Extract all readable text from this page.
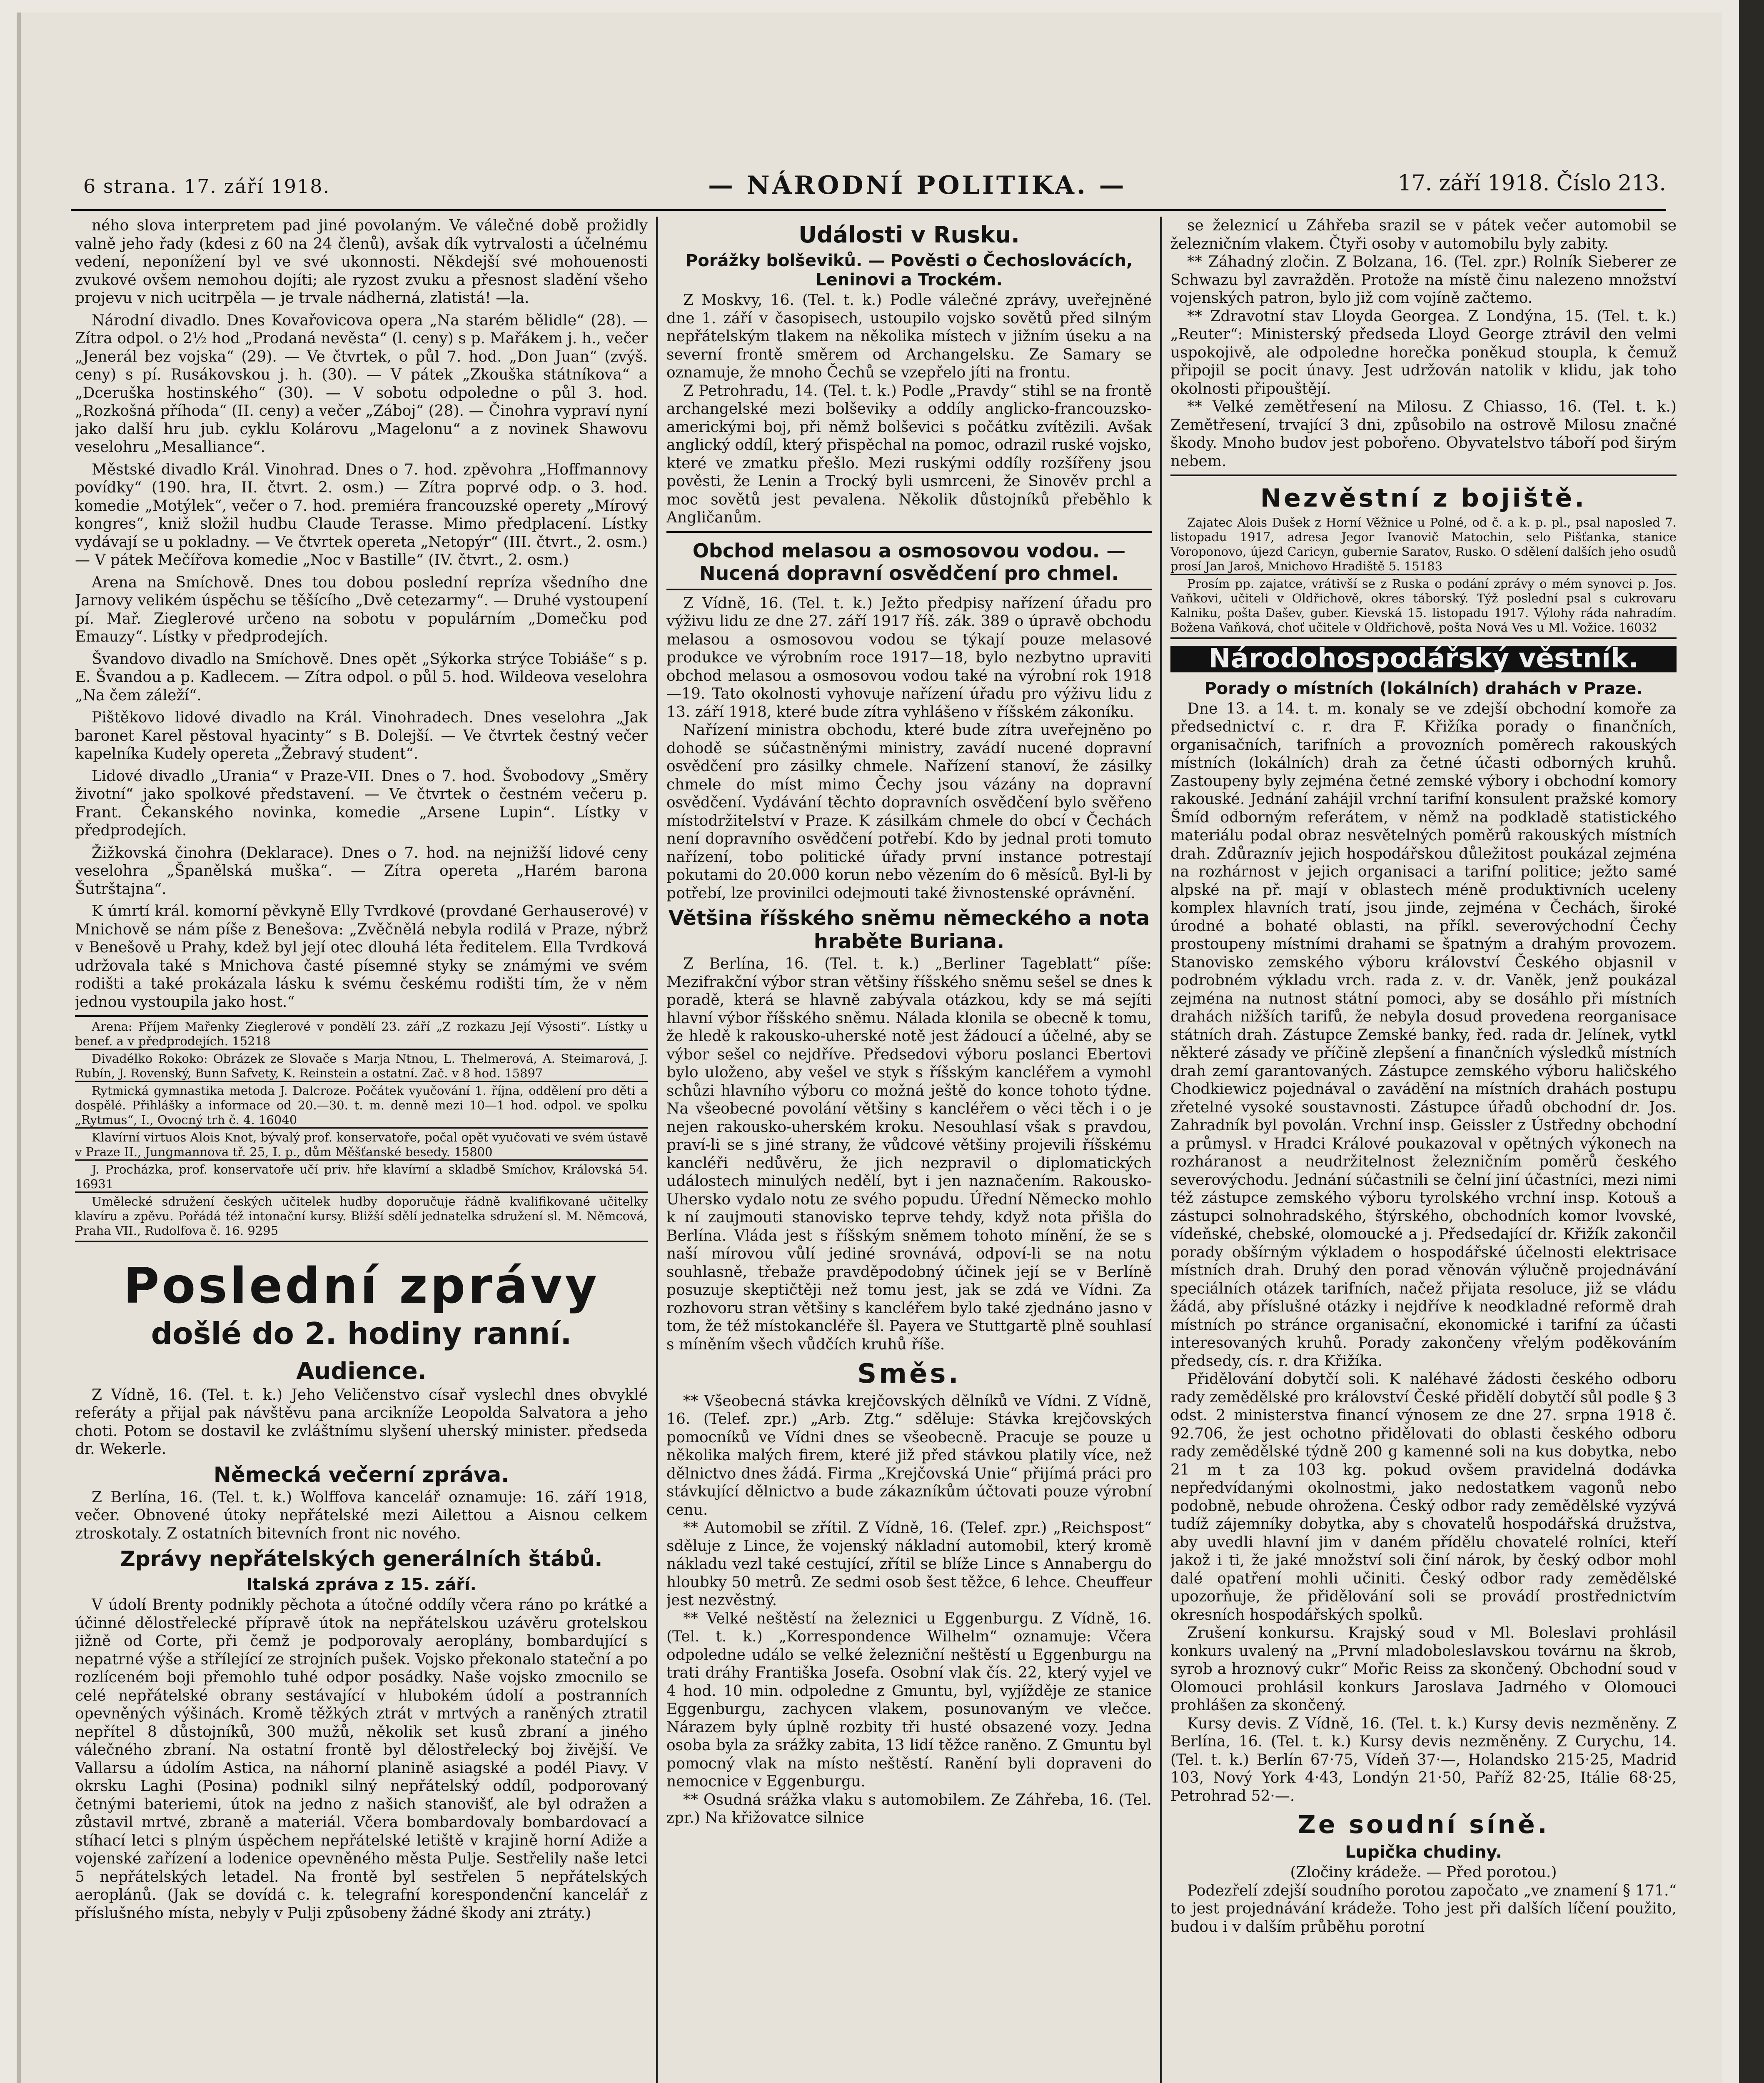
6 strana. 17. září 1918.	— NÁRODNÍ POLITIKA. —	17. září 1918. Číslo 213.

ného slova interpretem pad jiné povolaným. Ve válečné době prožidly valně jeho řady (kdesi z 60 na 24 členů), avšak dík vytrvalosti a účelnému vedení, neponížení byl ve své ukonnosti. Někdejší své mohouenosti zvukové ovšem nemohou dojíti; ale ryzost zvuku a přesnost sladění všeho projevu v nich ucitrpěla — je trvale nádherná, zlatistá! —la.

Národní divadlo. Dnes Kovařovicova opera „Na starém bělidle“ (28). — Zítra odpol. o 2½ hod „Prodaná nevěsta“ (l. ceny) s p. Mařákem j. h., večer „Jenerál bez vojska“ (29). — Ve čtvrtek, o půl 7. hod. „Don Juan“ (zvýš. ceny) s pí. Rusákovskou j. h. (30). — V pátek „Zkouška státníkova“ a „Dceruška hostinského“ (30). — V sobotu odpoledne o půl 3. hod. „Rozkošná příhoda“ (II. ceny) a večer „Záboj“ (28). — Činohra vypraví nyní jako další hru jub. cyklu Kolárovu „Magelonu“ a z novinek Shawovu veselohru „Mesalliance“.

Městské divadlo Král. Vinohrad. Dnes o 7. hod. zpěvohra „Hoffmannovy povídky“ (190. hra, II. čtvrt. 2. osm.) — Zítra poprvé odp. o 3. hod. komedie „Motýlek“, večer o 7. hod. premiéra francouzské operety „Mírový kongres“, kniž složil hudbu Claude Terasse. Mimo předplacení. Lístky vydávají se u pokladny. — Ve čtvrtek opereta „Netopýr“ (III. čtvrt., 2. osm.) — V pátek Mečířova komedie „Noc v Bastille“ (IV. čtvrt., 2. osm.)

Arena na Smíchově. Dnes tou dobou poslední repríza všedního dne Jarnovy velikém úspěchu se těšícího „Dvě cetezarmy“. — Druhé vystoupení pí. Mař. Zieglerové určeno na sobotu v populárním „Domečku pod Emauzy“. Lístky v předprodejích.

Švandovo divadlo na Smíchově. Dnes opět „Sýkorka strýce Tobiáše“ s p. E. Švandou a p. Kadlecem. — Zítra odpol. o půl 5. hod. Wildeova veselohra „Na čem záleží“.

Pištěkovo lidové divadlo na Král. Vinohradech. Dnes veselohra „Jak baronet Karel pěstoval hyacinty“ s B. Dolejší. — Ve čtvrtek čestný večer kapelníka Kudely opereta „Žebravý student“.

Lidové divadlo „Urania“ v Praze-VII. Dnes o 7. hod. Švobodovy „Směry životní“ jako spolkové představení. — Ve čtvrtek o čestném večeru p. Frant. Čekanského novinka, komedie „Arsene Lupin“. Lístky v předprodejích.

Žižkovská činohra (Deklarace). Dnes o 7. hod. na nejnižší lidové ceny veselohra „Španělská muška“. — Zítra opereta „Harém barona Šutrštajna“.

K úmrtí král. komorní pěvkyně Elly Tvrdkové (provdané Gerhauserové) v Mnichově se nám píše z Benešova: „Zvěčnělá nebyla rodilá v Praze, nýbrž v Benešově u Prahy, kdež byl její otec dlouhá léta ředitelem. Ella Tvrdková udržovala také s Mnichova časté písemné styky se známými ve svém rodišti a také prokázala lásku k svému českému rodišti tím, že v něm jednou vystoupila jako host.“

Arena: Příjem Mařenky Zieglerové v pondělí 23. září „Z rozkazu Její Výsosti“. Lístky u benef. a v předprodejích. 15218

Divadélko Rokoko: Obrázek ze Slovače s Marja Ntnou, L. Thelmerová, A. Steimarová, J. Rubín, J. Rovenský, Bunn Safvety, K. Reinstein a ostatní. Zač. v 8 hod. 15897

Rytmická gymnastika metoda J. Dalcroze. Počátek vyučování 1. října, oddělení pro děti a dospělé. Přihlášky a informace od 20.—30. t. m. denně mezi 10—1 hod. odpol. ve spolku „Rytmus“, I., Ovocný trh č. 4. 16040

Klavírní virtuos Alois Knot, bývalý prof. konservatoře, počal opět vyučovati ve svém ústavě v Praze II., Jungmannova tř. 25, I. p., dům Měšťanské besedy. 15800

J. Procházka, prof. konservatoře učí priv. hře klavírní a skladbě Smíchov, Královská 54. 16931

Umělecké sdružení českých učitelek hudby doporučuje řádně kvalifikované učitelky klavíru a zpěvu. Pořádá též intonační kursy. Bližší sdělí jednatelka sdružení sl. M. Němcová, Praha VII., Rudolfova č. 16. 9295

Poslední zprávy
došlé do 2. hodiny ranní.
Audience.

Z Vídně, 16. (Tel. t. k.) Jeho Veličenstvo císař vyslechl dnes obvyklé referáty a přijal pak návštěvu pana arcikníže Leopolda Salvatora a jeho choti. Potom se dostavil ke zvláštnímu slyšení uherský minister. předseda dr. Wekerle.

Německá večerní zpráva.

Z Berlína, 16. (Tel. t. k.) Wolffova kancelář oznamuje: 16. září 1918, večer. Obnovené útoky nepřátelské mezi Ailettou a Aisnou celkem ztroskotaly. Z ostatních bitevních front nic nového.

Zprávy nepřátelských generálních štábů.
Italská zpráva z 15. září.

V údolí Brenty podnikly pěchota a útočné oddíly včera ráno po krátké a účinné dělostřelecké přípravě útok na nepřátelskou uzávěru grotelskou jižně od Corte, při čemž je podporovaly aeroplány, bombardující s nepatrné výše a střílející ze strojních pušek. Vojsko překonalo stateční a po rozlíceném boji přemohlo tuhé odpor posádky. Naše vojsko zmocnilo se celé nepřátelské obrany sestávající v hlubokém údolí a postranních opevněných výšinách. Kromě těžkých ztrát v mrtvých a raněných ztratil nepřítel 8 důstojníků, 300 mužů, několik set kusů zbraní a jiného válečného zbraní. Na ostatní frontě byl dělostřelecký boj živější. Ve Vallarsu a údolím Astica, na náhorní planině asiagské a podél Piavy. V okrsku Laghi (Posina) podnikl silný nepřátelský oddíl, podporovaný četnými bateriemi, útok na jedno z našich stanovišť, ale byl odražen a zůstavil mrtvé, zbraně a materiál. Včera bombardovaly bombardovací a stíhací letci s plným úspěchem nepřátelské letiště v krajině horní Adiže a vojenské zařízení a lodenice opevněného města Pulje. Sestřelily naše letci 5 nepřátelských letadel. Na frontě byl sestřelen 5 nepřátelských aeroplánů. (Jak se dovídá c. k. telegrafní korespondenční kancelář z příslušného místa, nebyly v Pulji způsobeny žádné škody ani ztráty.)

Události v Rusku.
Porážky bolševiků. — Pověsti o Čechoslovácích, Leninovi a Trockém.

Z Moskvy, 16. (Tel. t. k.) Podle válečné zprávy, uveřejněné dne 1. září v časopisech, ustoupilo vojsko sovětů před silným nepřátelským tlakem na několika místech v jižním úseku a na severní frontě směrem od Archangelsku. Ze Samary se oznamuje, že mnoho Čechů se vzepřelo jíti na frontu.

Z Petrohradu, 14. (Tel. t. k.) Podle „Pravdy“ stihl se na frontě archangelské mezi bolševiky a oddíly anglicko-francouzsko-americkými boj, při němž bolševici s počátku zvítězili. Avšak anglický oddíl, který přispěchal na pomoc, odrazil ruské vojsko, které ve zmatku přešlo. Mezi ruskými oddíly rozšířeny jsou pověsti, že Lenin a Trocký byli usmrceni, že Sinověv prchl a moc sovětů jest pevalena. Několik důstojníků přeběhlo k Angličanům.

Obchod melasou a osmosovou vodou. — Nucená dopravní osvědčení pro chmel.

Z Vídně, 16. (Tel. t. k.) Ježto předpisy nařízení úřadu pro výživu lidu ze dne 27. září 1917 říš. zák. 389 o úpravě obchodu melasou a osmosovou vodou se týkají pouze melasové produkce ve výrobním roce 1917—18, bylo nezbytno upraviti obchod melasou a osmosovou vodou také na výrobní rok 1918—19. Tato okolnosti vyhovuje nařízení úřadu pro výživu lidu z 13. září 1918, které bude zítra vyhlášeno v říšském zákoníku.

Nařízení ministra obchodu, které bude zítra uveřejněno po dohodě se súčastněnými ministry, zavádí nucené dopravní osvědčení pro zásilky chmele. Nařízení stanoví, že zásilky chmele do míst mimo Čechy jsou vázány na dopravní osvědčení. Vydávání těchto dopravních osvědčení bylo svěřeno místodržitelství v Praze. K zásilkám chmele do obcí v Čechách není dopravního osvědčení potřebí. Kdo by jednal proti tomuto nařízení, tobo politické úřady první instance potrestají pokutami do 20.000 korun nebo vězením do 6 měsíců. Byl-li by potřebí, lze provinilci odejmouti také živnostenské oprávnění.

Většina říšského sněmu německého a nota hraběte Buriana.

Z Berlína, 16. (Tel. t. k.) „Berliner Tageblatt“ píše: Mezifrakční výbor stran většiny říšského sněmu sešel se dnes k poradě, která se hlavně zabývala otázkou, kdy se má sejíti hlavní výbor říšského sněmu. Nálada klonila se obecně k tomu, že hledě k rakousko-uherské notě jest žádoucí a účelné, aby se výbor sešel co nejdříve. Předsedovi výboru poslanci Ebertovi bylo uloženo, aby vešel ve styk s říšským kancléřem a vymohl schůzi hlavního výboru co možná ještě do konce tohoto týdne. Na všeobecné povolání většiny s kancléřem o věci těch i o je nejen rakousko-uherském kroku. Nesouhlasí však s pravdou, praví-li se s jiné strany, že vůdcové většiny projevili říšskému kancléři nedůvěru, že jich nezpravil o diplomatických událostech minulých nedělí, byt i jen naznačením. Rakousko-Uhersko vydalo notu ze svého popudu. Úřední Německo mohlo k ní zaujmouti stanovisko teprve tehdy, když nota přišla do Berlína. Vláda jest s říšským sněmem tohoto mínění, že se s naší mírovou vůlí jediné srovnává, odpoví-li se na notu souhlasně, třebaže pravděpodobný účinek její se v Berlíně posuzuje skeptičtěji než tomu jest, jak se zdá ve Vídni. Za rozhovoru stran většiny s kancléřem bylo také zjednáno jasno v tom, že též místokancléře šl. Payera ve Stuttgartě plně souhlasí s míněním všech vůdčích kruhů říše.

Směs.

** Všeobecná stávka krejčovských dělníků ve Vídni. Z Vídně, 16. (Telef. zpr.) „Arb. Ztg.“ sděluje: Stávka krejčovských pomocníků ve Vídni dnes se všeobecně. Pracuje se pouze u několika malých firem, které již před stávkou platily více, než dělnictvo dnes žádá. Firma „Krejčovská Unie“ přijímá práci pro stávkující dělnictvo a bude zákazníkům účtovati pouze výrobní cenu.

** Automobil se zřítil. Z Vídně, 16. (Telef. zpr.) „Reichspost“ sděluje z Lince, že vojenský nákladní automobil, který kromě nákladu vezl také cestující, zřítil se blíže Lince s Annabergu do hloubky 50 metrů. Ze sedmi osob šest těžce, 6 lehce. Cheuffeur jest nezvěstný.

** Velké neštěstí na železnici u Eggenburgu. Z Vídně, 16. (Tel. t. k.) „Korrespondence Wilhelm“ oznamuje: Včera odpoledne událo se velké železniční neštěstí u Eggenburgu na trati dráhy Františka Josefa. Osobní vlak čís. 22, který vyjel ve 4 hod. 10 min. odpoledne z Gmuntu, byl, vyjížděje ze stanice Eggenburgu, zachycen vlakem, posunovaným ve vlečce. Nárazem byly úplně rozbity tři husté obsazené vozy. Jedna osoba byla za srážky zabita, 13 lidí těžce raněno. Z Gmuntu byl pomocný vlak na místo neštěstí. Ranění byli dopraveni do nemocnice v Eggenburgu.

** Osudná srážka vlaku s automobilem. Ze Záhřeba, 16. (Tel. zpr.) Na křižovatce silnice

se železnicí u Záhřeba srazil se v pátek večer automobil se železničním vlakem. Čtyři osoby v automobilu byly zabity.

** Záhadný zločin. Z Bolzana, 16. (Tel. zpr.) Rolník Sieberer ze Schwazu byl zavražděn. Protože na místě činu nalezeno množství vojenských patron, bylo již com vojíně začtemo.

** Zdravotní stav Lloyda Georgea. Z Londýna, 15. (Tel. t. k.) „Reuter“: Ministerský předseda Lloyd George ztrávil den velmi uspokojivě, ale odpoledne horečka poněkud stoupla, k čemuž připojil se pocit únavy. Jest udržován natolik v klidu, jak toho okolnosti připouštějí.

** Velké zemětřesení na Milosu. Z Chiasso, 16. (Tel. t. k.) Zemětřesení, trvající 3 dni, způsobilo na ostrově Milosu značné škody. Mnoho budov jest pobořeno. Obyvatelstvo táboří pod širým nebem.

Nezvěstní z bojiště.

Zajatec Alois Dušek z Horní Věžnice u Polné, od č. a k. p. pl., psal naposled 7. listopadu 1917, adresa Jegor Ivanovič Matochin, selo Pišťanka, stanice Voroponovo, újezd Caricyn, gubernie Saratov, Rusko. O sdělení dalších jeho osudů prosí Jan Jaroš, Mnichovo Hradiště 5. 15183

Prosím pp. zajatce, vrátivší se z Ruska o podání zprávy o mém synovci p. Jos. Vaňkovi, učiteli v Oldřichově, okres táborský. Týž poslední psal s cukrovaru Kalniku, pošta Dašev, guber. Kievská 15. listopadu 1917. Výlohy ráda nahradím. Božena Vaňková, choť učitele v Oldřichově, pošta Nová Ves u Ml. Vožice. 16032

Národohospodářský věstník.
Porady o místních (lokálních) drahách v Praze.

Dne 13. a 14. t. m. konaly se ve zdejší obchodní komoře za předsednictví c. r. dra F. Křižíka porady o finančních, organisačních, tarifních a provozních poměrech rakouských místních (lokálních) drah za četné účasti odborných kruhů. Zastoupeny byly zejména četné zemské výbory i obchodní komory rakouské. Jednání zahájil vrchní tarifní konsulent pražské komory Šmíd odborným referátem, v němž na podkladě statistického materiálu podal obraz nesvětelných poměrů rakouských místních drah. Zdůraznív jejich hospodářskou důležitost poukázal zejména na rozhárnost v jejich organisaci a tarifní politice; ježto samé alpské na př. mají v oblastech méně produktivních uceleny komplex hlavních tratí, jsou jinde, zejména v Čechách, široké úrodné a bohaté oblasti, na příkl. severovýchodní Čechy prostoupeny místními drahami se špatným a drahým provozem. Stanovisko zemského výboru království Českého objasnil v podrobném výkladu vrch. rada z. v. dr. Vaněk, jenž poukázal zejména na nutnost státní pomoci, aby se dosáhlo při místních drahách nižších tarifů, že nebyla dosud provedena reorganisace státních drah. Zástupce Zemské banky, řed. rada dr. Jelínek, vytkl některé zásady ve příčině zlepšení a finančních výsledků místních drah zemí garantovaných. Zástupce zemského výboru haličského Chodkiewicz pojednával o zavádění na místních drahách postupu zřetelné vysoké soustavnosti. Zástupce úřadů obchodní dr. Jos. Zahradník byl povolán. Vrchní insp. Geissler z Ústředny obchodní a průmysl. v Hradci Králové poukazoval v opětných výkonech na rozháranost a neudržitelnost železničním poměrů českého severovýchodu. Jednání súčastnili se čelní jiní účastníci, mezi nimi též zástupce zemského výboru tyrolského vrchní insp. Kotouš a zástupci solnohradského, štýrského, obchodních komor lvovské, vídeňské, chebské, olomoucké a j. Předsedající dr. Křižík zakončil porady obšírným výkladem o hospodářské účelnosti elektrisace místních drah. Druhý den porad věnován výlučně projednávání speciálních otázek tarifních, načež přijata resoluce, již se vládu žádá, aby příslušné otázky i nejdříve k neodkladné reformě drah místních po stránce organisační, ekonomické i tarifní za účasti interesovaných kruhů. Porady zakončeny vřelým poděkováním předsedy, cís. r. dra Křižíka.

Přidělování dobytčí soli. K naléhavé žádosti českého odboru rady zemědělské pro království České přidělí dobytčí sůl podle § 3 odst. 2 ministerstva financí výnosem ze dne 27. srpna 1918 č. 92.706, že jest ochotno přidělovati do oblasti českého odboru rady zemědělské týdně 200 g kamenné soli na kus dobytka, nebo 21 m t za 103 kg. pokud ovšem pravidelná dodávka nepředvídanými okolnostmi, jako nedostatkem vagonů nebo podobně, nebude ohrožena. Český odbor rady zemědělské vyzývá tudíž zájemníky dobytka, aby s chovatelů hospodářská družstva, aby uvedli hlavní jim v daném přídělu chovatelé rolníci, kteří jakož i ti, že jaké množství soli činí nárok, by český odbor mohl dalé opatření mohli učiniti. Český odbor rady zemědělské upozorňuje, že přidělování soli se provádí prostřednictvím okresních hospodářských spolků.

Zrušení konkursu. Krajský soud v Ml. Boleslavi prohlásil konkurs uvalený na „První mladoboleslavskou továrnu na škrob, syrob a hroznový cukr“ Mořic Reiss za skončený. Obchodní soud v Olomouci prohlásil konkurs Jaroslava Jadrného v Olomouci prohlášen za skončený.

Kursy devis. Z Vídně, 16. (Tel. t. k.) Kursy devis nezměněny. Z Berlína, 16. (Tel. t. k.) Kursy devis nezměněny. Z Curychu, 14. (Tel. t. k.) Berlín 67·75, Vídeň 37·—, Holandsko 215·25, Madrid 103, Nový York 4·43, Londýn 21·50, Paříž 82·25, Itálie 68·25, Petrohrad 52·—.

Ze soudní síně.
Lupička chudiny.

(Zločiny krádeže. — Před porotou.)

Podezřelí zdejší soudního porotou započato „ve znamení § 171.“ to jest projednávání krádeže. Toho jest při dalších líčení použito, budou i v dalším průběhu porotní
